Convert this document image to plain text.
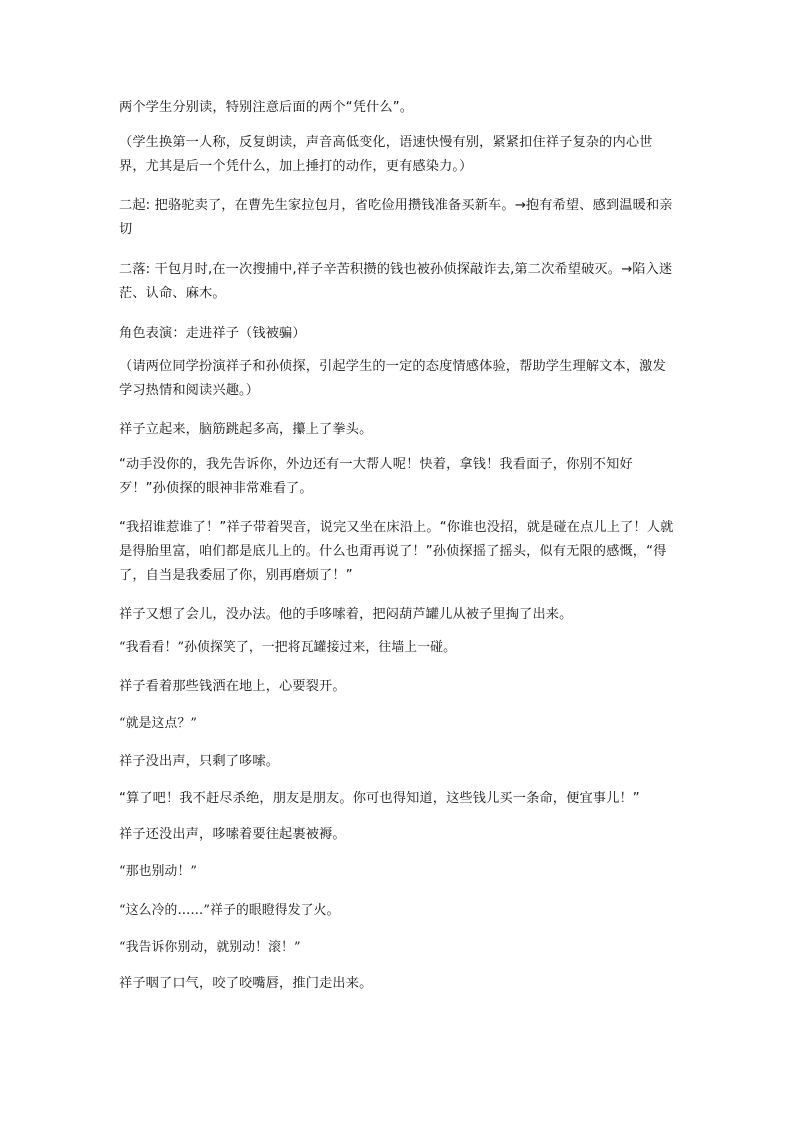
两个学生分别读，特别注意后面的两个“凭什么”。

（学生换第一人称，反复朗读，声音高低变化，语速快慢有别，紧紧扣住祥子复杂的内心世界，尤其是后一个凭什么，加上捶打的动作，更有感染力。）

二起: 把骆驼卖了，在曹先生家拉包月，省吃俭用攒钱准备买新车。→抱有希望、感到温暖和亲切

二落: 干包月时,在一次搜捕中,祥子辛苦积攒的钱也被孙侦探敲诈去,第二次希望破灭。→陷入迷茫、认命、麻木。

角色表演：走进祥子（钱被骗）

（请两位同学扮演祥子和孙侦探，引起学生的一定的态度情感体验，帮助学生理解文本，激发学习热情和阅读兴趣。）

祥子立起来，脑筋跳起多高，攥上了拳头。

“动手没你的，我先告诉你，外边还有一大帮人呢！快着，拿钱！我看面子，你别不知好歹！”孙侦探的眼神非常难看了。

“我招谁惹谁了！”祥子带着哭音，说完又坐在床沿上。“你谁也没招，就是碰在点儿上了！人就是得胎里富，咱们都是底儿上的。什么也甭再说了！”孙侦探摇了摇头，似有无限的感慨，“得了，自当是我委屈了你，别再磨烦了！”

祥子又想了会儿，没办法。他的手哆嗦着，把闷葫芦罐儿从被子里掏了出来。

“我看看！”孙侦探笑了，一把将瓦罐接过来，往墙上一碰。

祥子看着那些钱洒在地上，心要裂开。

“就是这点？”

祥子没出声，只剩了哆嗦。

“算了吧！我不赶尽杀绝，朋友是朋友。你可也得知道，这些钱儿买一条命，便宜事儿！”

祥子还没出声，哆嗦着要往起裹被褥。

“那也别动！”

“这么冷的……”祥子的眼瞪得发了火。

“我告诉你别动，就别动！滚！”

祥子咽了口气，咬了咬嘴唇，推门走出来。
